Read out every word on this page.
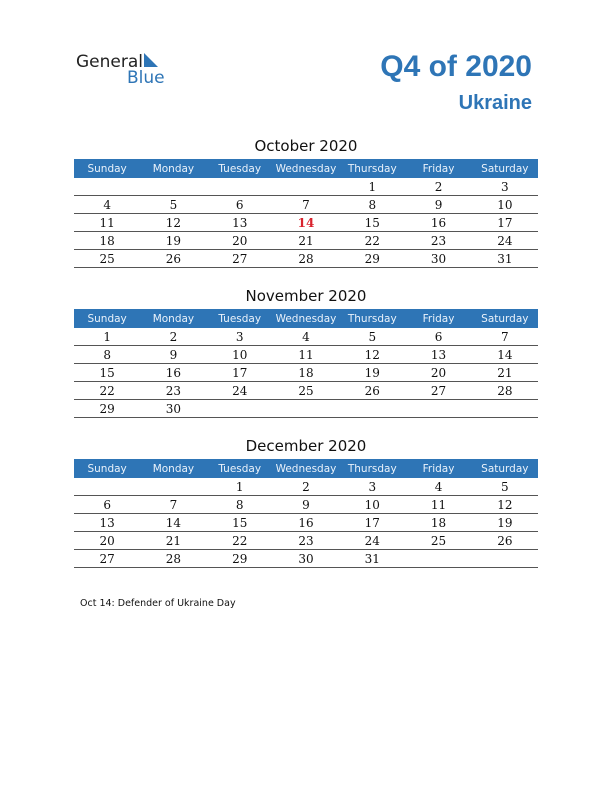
General
Blue	Q4 of 2020
Ukraine
October 2020
Sunday	Monday	Tuesday	Wednesday	Thursday	Friday	Saturday
				1	2	3
4	5	6	7	8	9	10
11	12	13	14	15	16	17
18	19	20	21	22	23	24
25	26	27	28	29	30	31
November 2020
Sunday	Monday	Tuesday	Wednesday	Thursday	Friday	Saturday
1	2	3	4	5	6	7
8	9	10	11	12	13	14
15	16	17	18	19	20	21
22	23	24	25	26	27	28
29	30					
December 2020
Sunday	Monday	Tuesday	Wednesday	Thursday	Friday	Saturday
		1	2	3	4	5
6	7	8	9	10	11	12
13	14	15	16	17	18	19
20	21	22	23	24	25	26
27	28	29	30	31		
Oct 14: Defender of Ukraine Day
